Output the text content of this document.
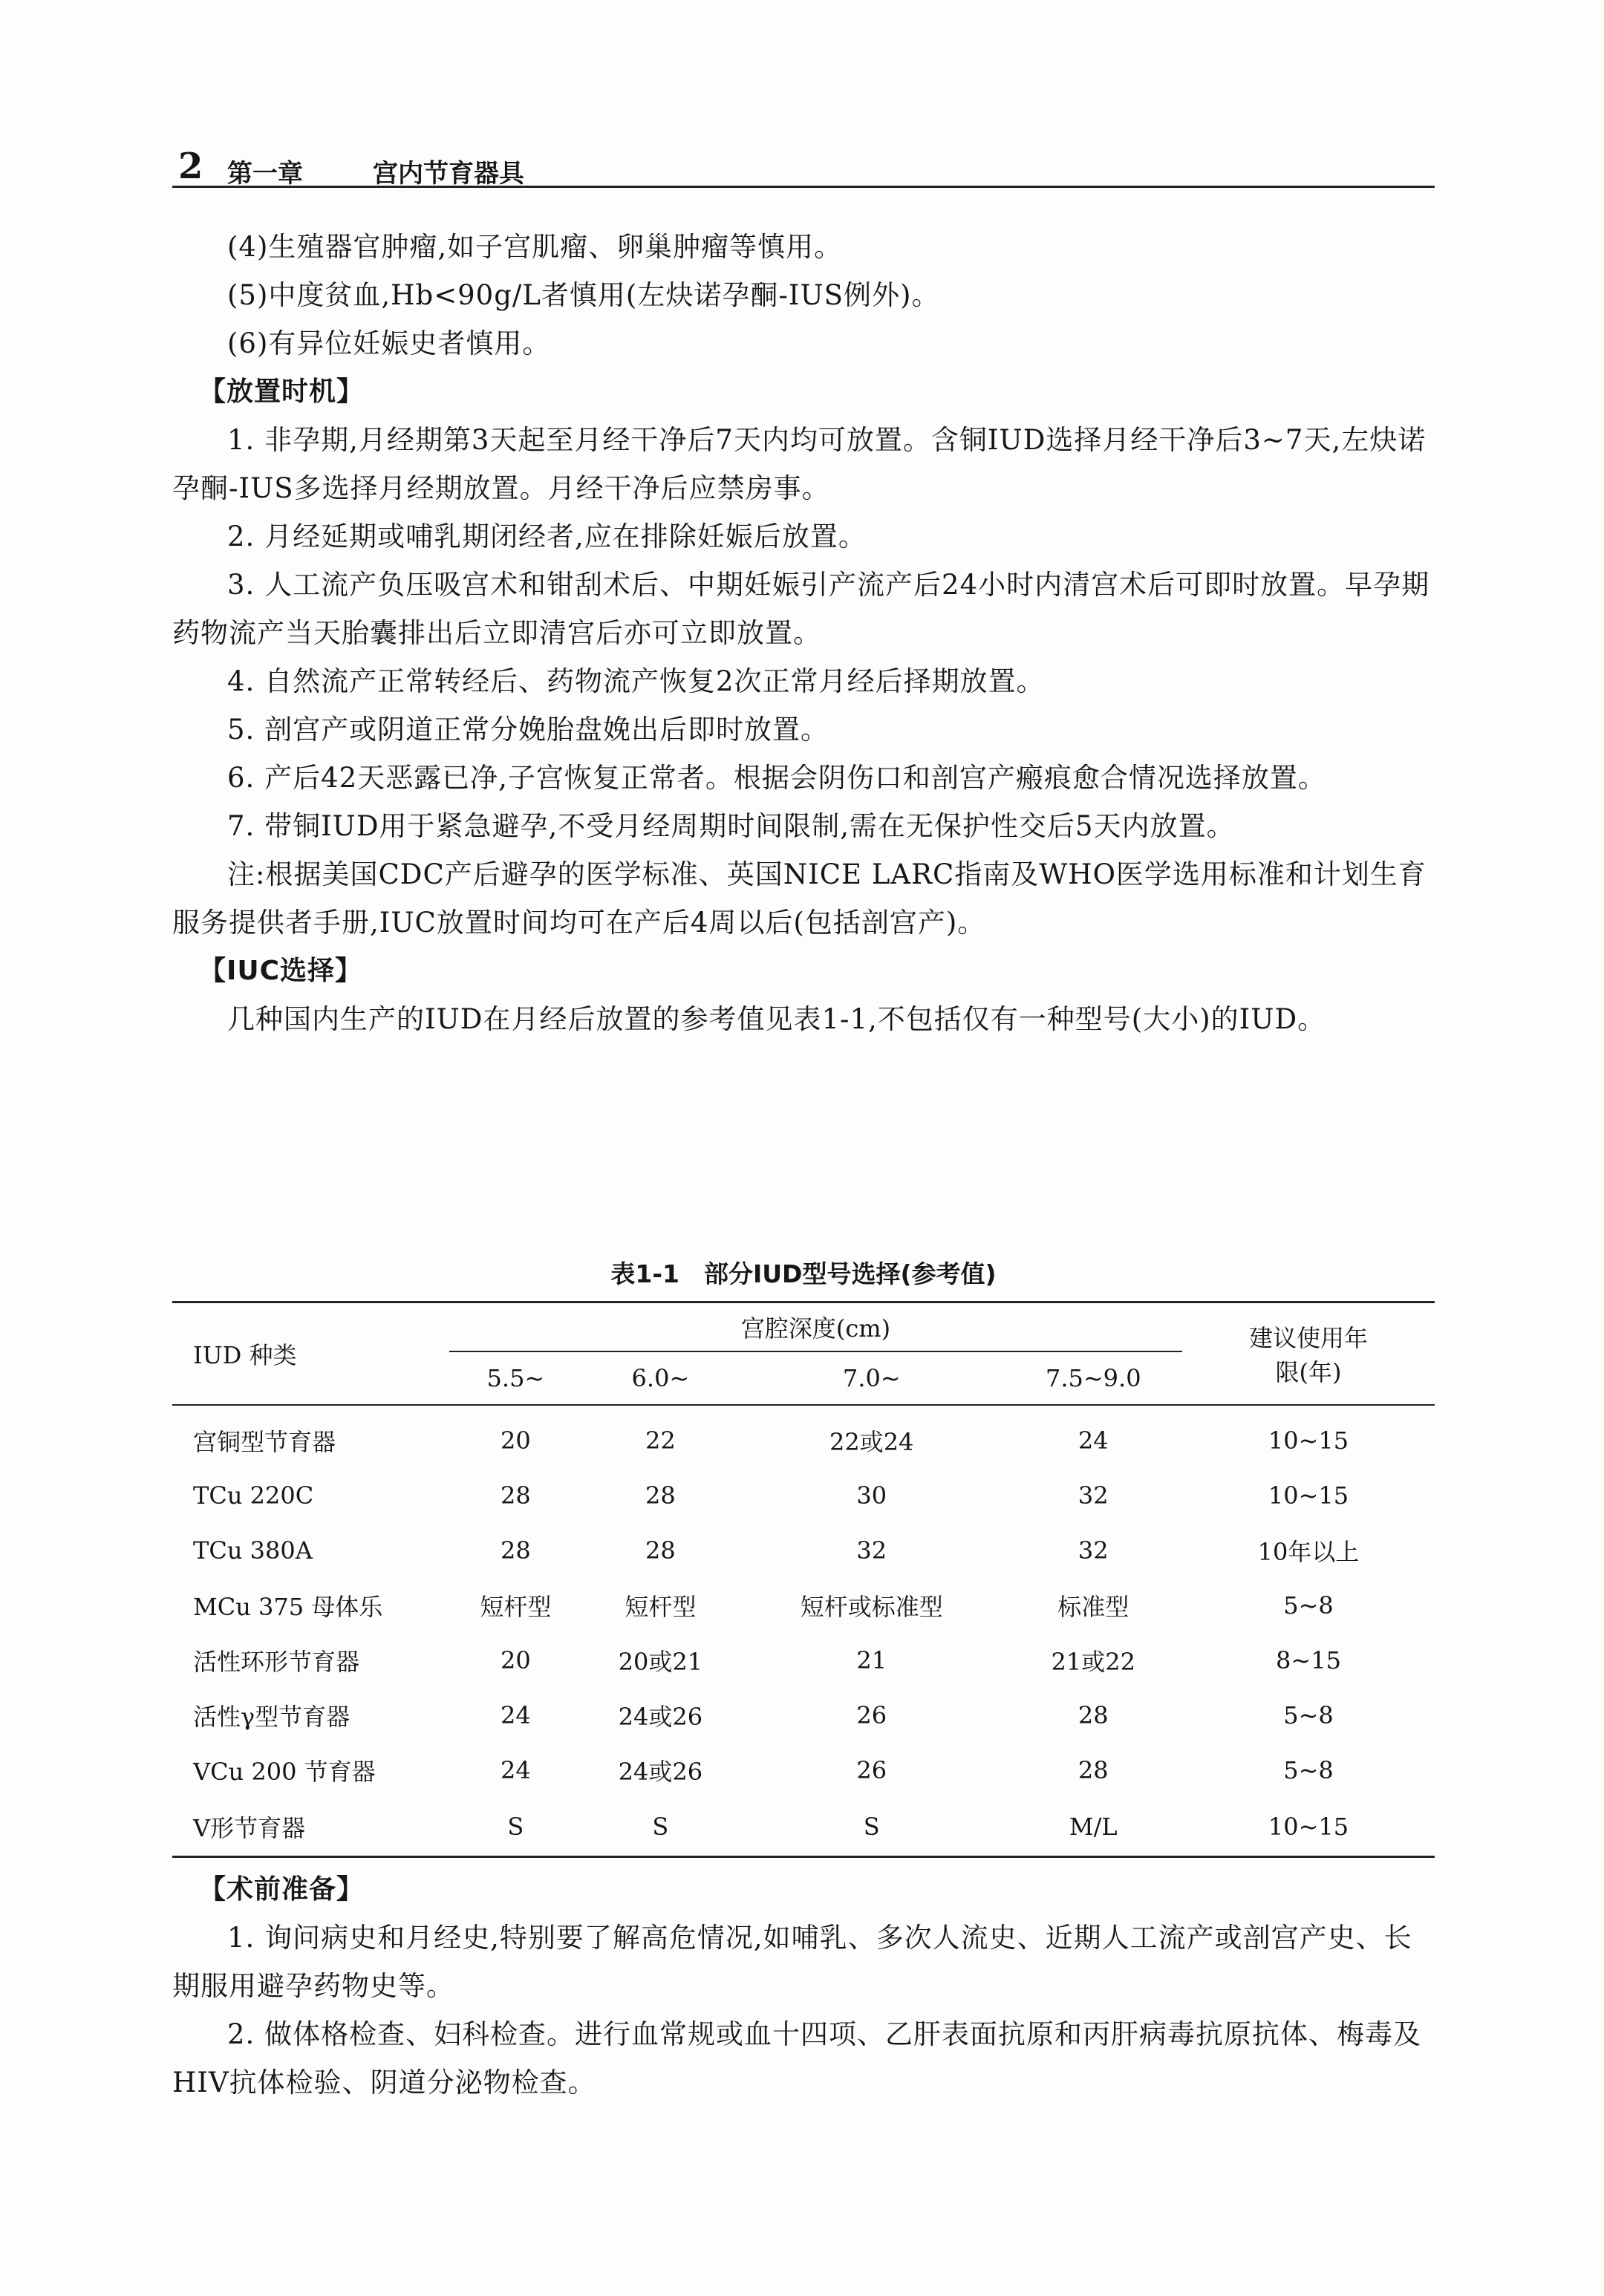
2 第一章	宫内节育器具

(4)生殖器官肿瘤,如子宫肌瘤、卵巢肿瘤等慎用。

(5)中度贫血,Hb<90g/L者慎用(左炔诺孕酮-IUS例外)。

(6)有异位妊娠史者慎用。

【放置时机】

1. 非孕期,月经期第3天起至月经干净后7天内均可放置。含铜IUD选择月经干净后3~7天,左炔诺孕酮-IUS多选择月经期放置。月经干净后应禁房事。

2. 月经延期或哺乳期闭经者,应在排除妊娠后放置。

3. 人工流产负压吸宫术和钳刮术后、中期妊娠引产流产后24小时内清宫术后可即时放置。早孕期药物流产当天胎囊排出后立即清宫后亦可立即放置。

4. 自然流产正常转经后、药物流产恢复2次正常月经后择期放置。

5. 剖宫产或阴道正常分娩胎盘娩出后即时放置。

6. 产后42天恶露已净,子宫恢复正常者。根据会阴伤口和剖宫产瘢痕愈合情况选择放置。

7. 带铜IUD用于紧急避孕,不受月经周期时间限制,需在无保护性交后5天内放置。

注:根据美国CDC产后避孕的医学标准、英国NICE LARC指南及WHO医学选用标准和计划生育服务提供者手册,IUC放置时间均可在产后4周以后(包括剖宫产)。

【IUC选择】

几种国内生产的IUD在月经后放置的参考值见表1-1,不包括仅有一种型号(大小)的IUD。

表1-1　部分IUD型号选择(参考值)
IUD 种类	宫腔深度(cm)				建议使用年
限(年)
	5.5~	6.0~	7.0~	7.5~9.0	
宫铜型节育器	20	22	22或24	24	10~15
TCu 220C	28	28	30	32	10~15
TCu 380A	28	28	32	32	10年以上
MCu 375 母体乐	短杆型	短杆型	短杆或标准型	标准型	5~8
活性环形节育器	20	20或21	21	21或22	8~15
活性γ型节育器	24	24或26	26	28	5~8
VCu 200 节育器	24	24或26	26	28	5~8
V形节育器	S	S	S	M/L	10~15

【术前准备】

1. 询问病史和月经史,特别要了解高危情况,如哺乳、多次人流史、近期人工流产或剖宫产史、长期服用避孕药物史等。

2. 做体格检查、妇科检查。进行血常规或血十四项、乙肝表面抗原和丙肝病毒抗原抗体、梅毒及HIV抗体检验、阴道分泌物检查。
